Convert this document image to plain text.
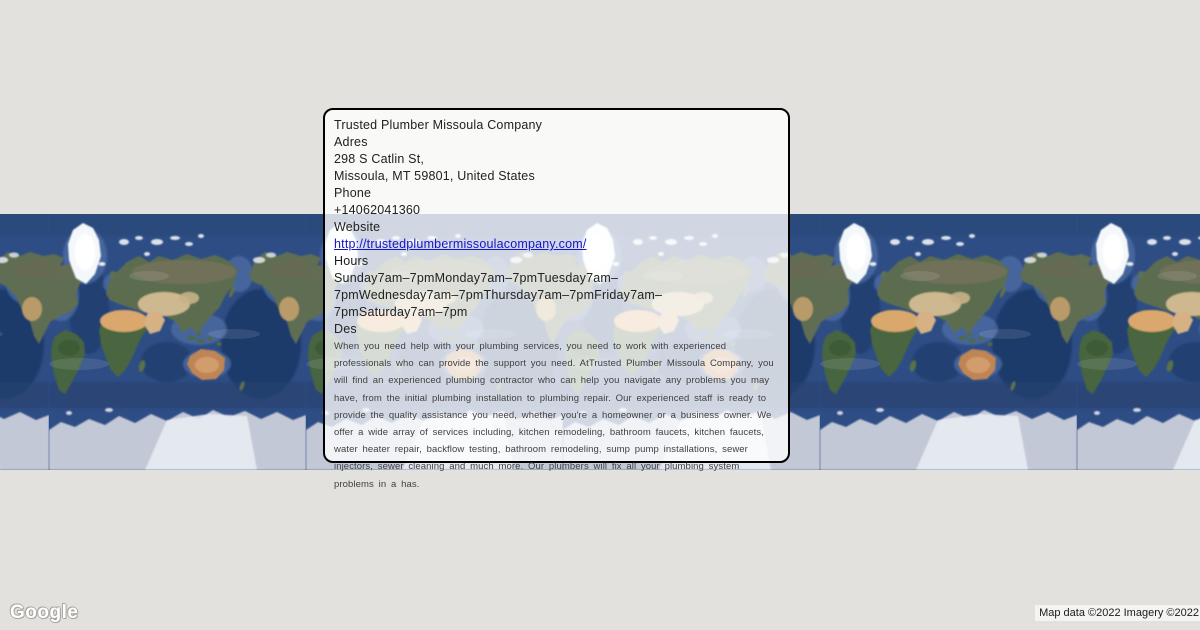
Trusted Plumber Missoula Company
Adres
298 S Catlin St,
Missoula, MT 59801, United States
Phone
+14062041360
Website
http://trustedplumbermissoulacompany.com/
Hours
Sunday7am–7pmMonday7am–7pmTuesday7am–7pmWednesday7am–7pmThursday7am–7pmFriday7am–7pmSaturday7am–7pm
Des
When you need help with your plumbing services, you need to work with experienced professionals who can provide the support you need. AtTrusted Plumber Missoula Company, you will find an experienced plumbing contractor who can help you navigate any problems you may have, from the initial plumbing installation to plumbing repair. Our experienced staff is ready to provide the quality assistance you need, whether you're a homeowner or a business owner. We offer a wide array of services including, kitchen remodeling, bathroom faucets, kitchen faucets, water heater repair, backflow testing, bathroom remodeling, sump pump installations, sewer injectors, sewer cleaning and much more. Our plumbers will fix all your plumbing system problems in a has.
Google	Map data ©2022 Imagery ©2022
